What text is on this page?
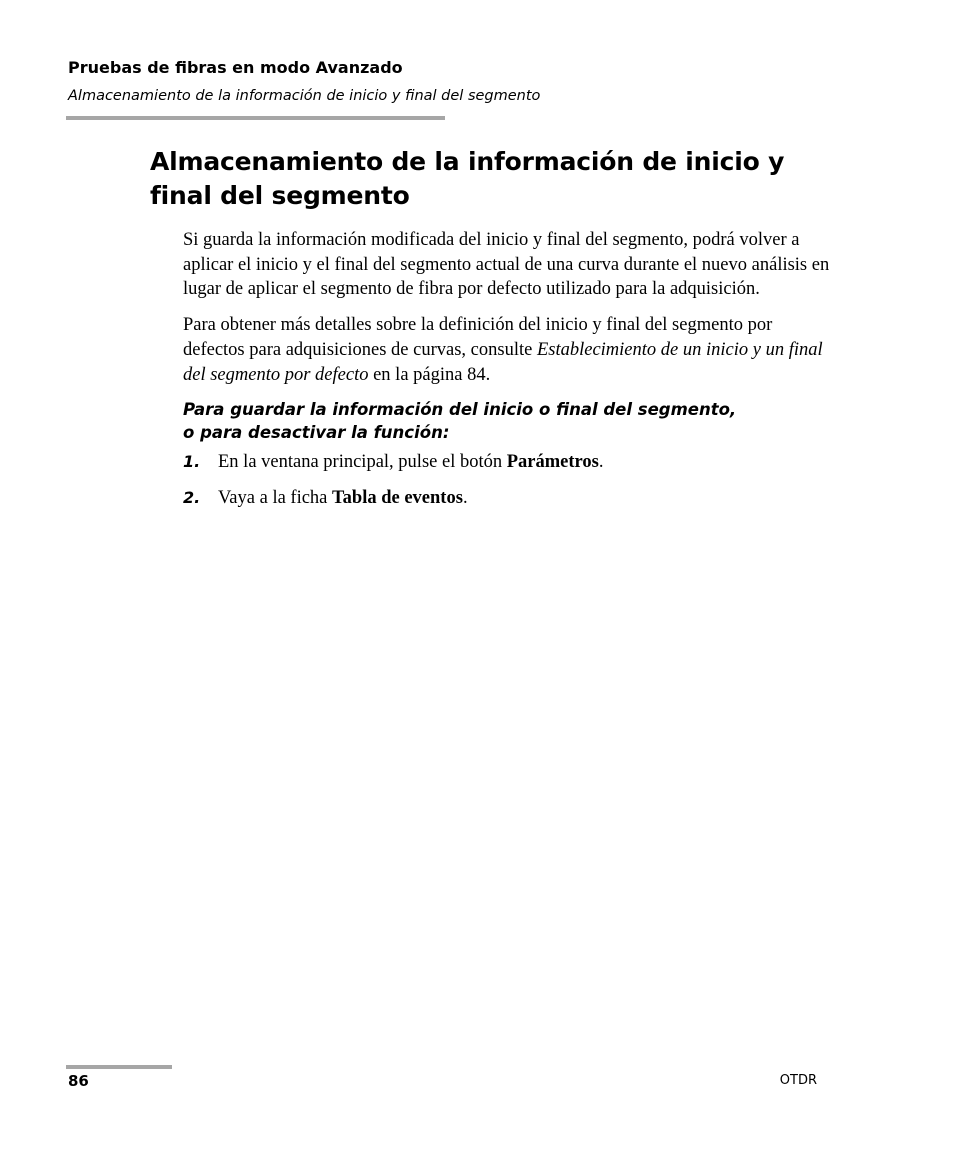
Pruebas de fibras en modo Avanzado

Almacenamiento de la información de inicio y final del segmento

Almacenamiento de la información de inicio y
final del segmento

Si guarda la información modificada del inicio y final del segmento, podrá volver a aplicar el inicio y el final del segmento actual de una curva durante el nuevo análisis en lugar de aplicar el segmento de fibra por defecto utilizado para la adquisición.

Para obtener más detalles sobre la definición del inicio y final del segmento por defectos para adquisiciones de curvas, consulte Establecimiento de un inicio y un final del segmento por defecto en la página 84.

Para guardar la información del inicio o final del segmento,
o para desactivar la función:
1. En la ventana principal, pulse el botón Parámetros.
2. Vaya a la ficha Tabla de eventos.
86	OTDR
